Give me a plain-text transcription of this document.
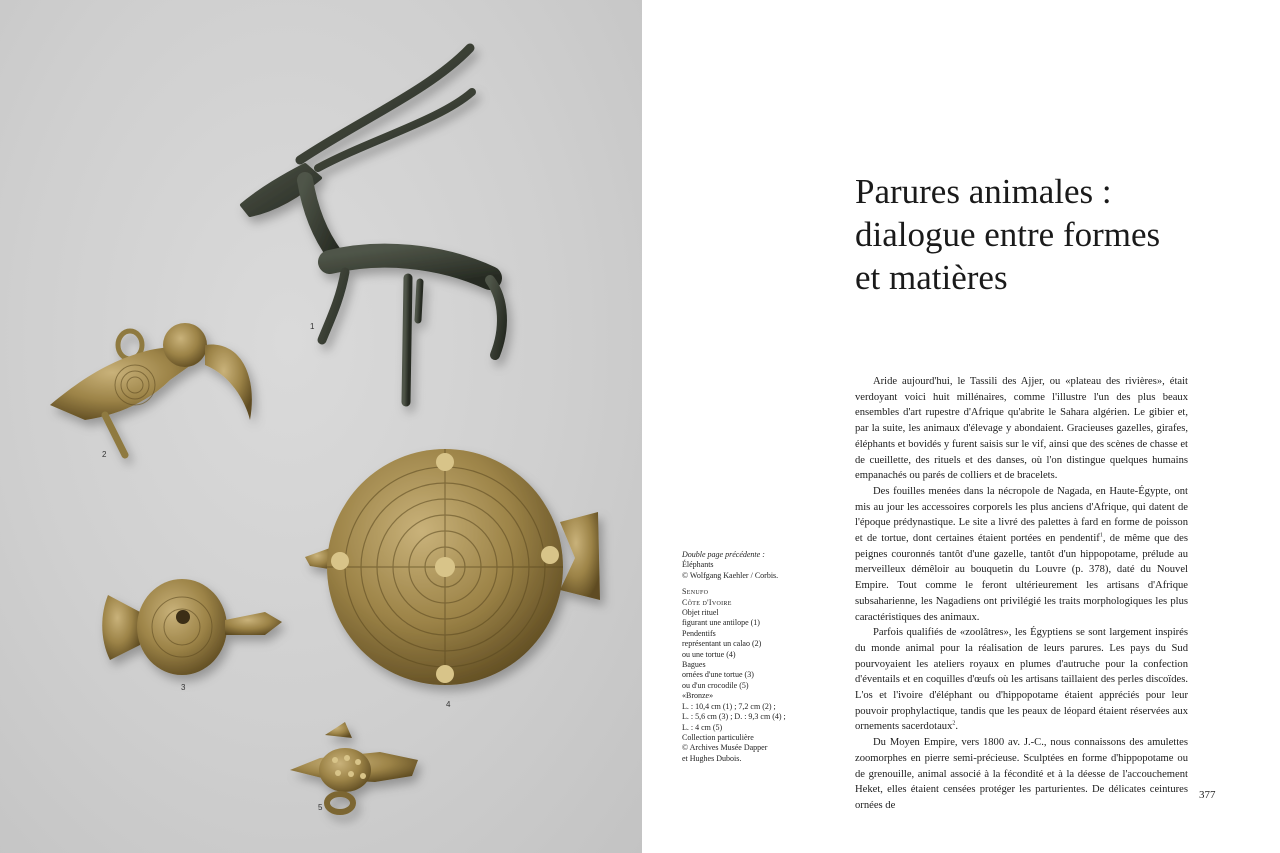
1
2
3
4
5
Double page précédente :
Éléphants
© Wolfgang Kaehler / Corbis.
Senufo
Côte d'Ivoire
Objet rituel
figurant une antilope (1)
Pendentifs
représentant un calao (2)
ou une tortue (4)
Bagues
ornées d'une tortue (3)
ou d'un crocodile (5)
«Bronze»
L. : 10,4 cm (1) ; 7,2 cm (2) ;
L. : 5,6 cm (3) ; D. : 9,3 cm (4) ;
L. : 4 cm (5)
Collection particulière
© Archives Musée Dapper
et Hughes Dubois.
Parures animales :
dialogue entre formes
et matières

Aride aujourd'hui, le Tassili des Ajjer, ou «plateau des rivières», était verdoyant voici huit millénaires, comme l'illustre l'un des plus beaux ensembles d'art rupestre d'Afrique qu'abrite le Sahara algérien. Le gibier et, par la suite, les animaux d'élevage y abondaient. Gracieuses gazelles, girafes, éléphants et bovidés y furent saisis sur le vif, ainsi que des scènes de chasse et de cueillette, des rituels et des danses, où l'on distingue quelques humains empanachés ou parés de colliers et de bracelets.

Des fouilles menées dans la nécropole de Nagada, en Haute-Égypte, ont mis au jour les accessoires corporels les plus anciens d'Afrique, qui datent de l'époque prédynastique. Le site a livré des palettes à fard en forme de poisson et de tortue, dont certaines étaient portées en pendentif$^1$, de même que des peignes couronnés tantôt d'une gazelle, tantôt d'un hippopotame, prélude au merveilleux démêloir au bouquetin du Louvre (p. 378), daté du Nouvel Empire. Tout comme le feront ultérieurement les artisans d'Afrique subsaharienne, les Nagadiens ont privilégié les traits morphologiques les plus caractéristiques des animaux.

Parfois qualifiés de «zoolâtres», les Égyptiens se sont largement inspirés du monde animal pour la réalisation de leurs parures. Les pays du Sud pourvoyaient les ateliers royaux en plumes d'autruche pour la confection d'éventails et en coquilles d'œufs où les artisans taillaient des perles discoïdes. L'os et l'ivoire d'éléphant ou d'hippopotame étaient appréciés pour leur pouvoir prophylactique, tandis que les peaux de léopard étaient réservées aux ornements sacerdotaux$^2$.

Du Moyen Empire, vers 1800 av. J.-C., nous connaissons des amulettes zoomorphes en pierre semi-précieuse. Sculptées en forme d'hippopotame ou de grenouille, animal associé à la fécondité et à la déesse de l'accouchement Heket, elles étaient censées protéger les parturientes. De délicates ceintures ornées de

377
